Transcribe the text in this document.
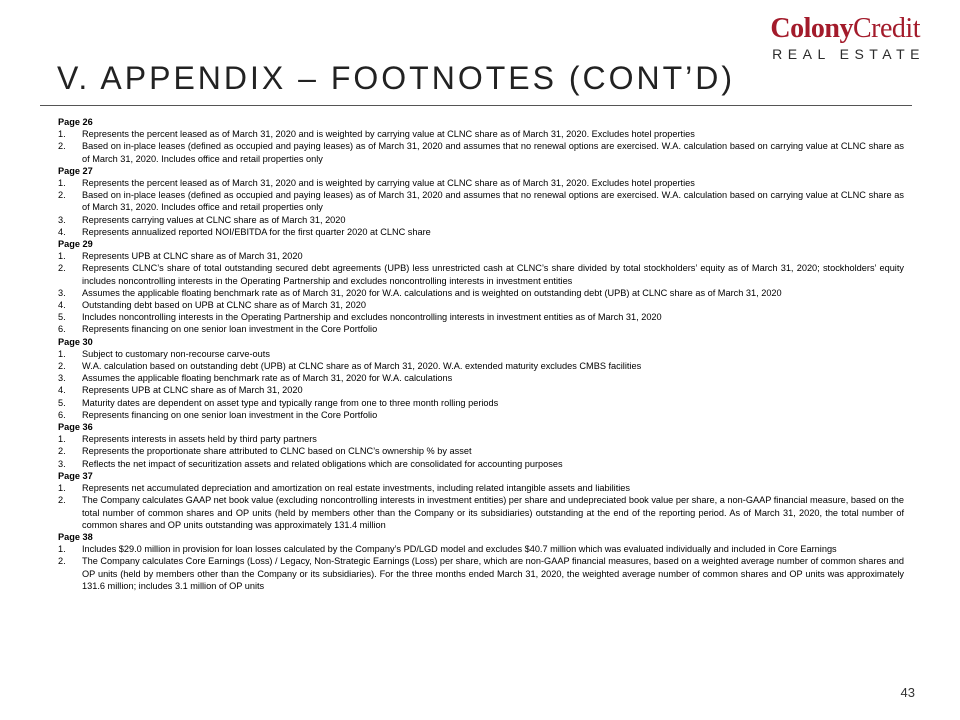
ColonyCredit
REAL ESTATE
V. APPENDIX – FOOTNOTES (CONT’D)
Page 26
1.	Represents the percent leased as of March 31, 2020 and is weighted by carrying value at CLNC share as of March 31, 2020. Excludes hotel properties
2.	Based on in-place leases (defined as occupied and paying leases) as of March 31, 2020 and assumes that no renewal options are exercised. W.A. calculation based on carrying value at CLNC share as of March 31, 2020. Includes office and retail properties only
Page 27
1.	Represents the percent leased as of March 31, 2020 and is weighted by carrying value at CLNC share as of March 31, 2020. Excludes hotel properties
2.	Based on in-place leases (defined as occupied and paying leases) as of March 31, 2020 and assumes that no renewal options are exercised. W.A. calculation based on carrying value at CLNC share as of March 31, 2020. Includes office and retail properties only
3.	Represents carrying values at CLNC share as of March 31, 2020
4.	Represents annualized reported NOI/EBITDA for the first quarter 2020 at CLNC share
Page 29
1.	Represents UPB at CLNC share as of March 31, 2020
2.	Represents CLNC’s share of total outstanding secured debt agreements (UPB) less unrestricted cash at CLNC’s share divided by total stockholders’ equity as of March 31, 2020; stockholders’ equity includes noncontrolling interests in the Operating Partnership and excludes noncontrolling interests in investment entities
3.	Assumes the applicable floating benchmark rate as of March 31, 2020 for W.A. calculations and is weighted on outstanding debt (UPB) at CLNC share as of March 31, 2020
4.	Outstanding debt based on UPB at CLNC share as of March 31, 2020
5.	Includes noncontrolling interests in the Operating Partnership and excludes noncontrolling interests in investment entities as of March 31, 2020
6.	Represents financing on one senior loan investment in the Core Portfolio
Page 30
1.	Subject to customary non-recourse carve-outs
2.	W.A. calculation based on outstanding debt (UPB) at CLNC share as of March 31, 2020. W.A. extended maturity excludes CMBS facilities
3.	Assumes the applicable floating benchmark rate as of March 31, 2020 for W.A. calculations
4.	Represents UPB at CLNC share as of March 31, 2020
5.	Maturity dates are dependent on asset type and typically range from one to three month rolling periods
6.	Represents financing on one senior loan investment in the Core Portfolio
Page 36
1.	Represents interests in assets held by third party partners
2.	Represents the proportionate share attributed to CLNC based on CLNC’s ownership % by asset
3.	Reflects the net impact of securitization assets and related obligations which are consolidated for accounting purposes
Page 37
1.	Represents net accumulated depreciation and amortization on real estate investments, including related intangible assets and liabilities
2.	The Company calculates GAAP net book value (excluding noncontrolling interests in investment entities) per share and undepreciated book value per share, a non-GAAP financial measure, based on the total number of common shares and OP units (held by members other than the Company or its subsidiaries) outstanding at the end of the reporting period. As of March 31, 2020, the total number of common shares and OP units outstanding was approximately 131.4 million
Page 38
1.	Includes $29.0 million in provision for loan losses calculated by the Company’s PD/LGD model and excludes $40.7 million which was evaluated individually and included in Core Earnings
2.	The Company calculates Core Earnings (Loss) / Legacy, Non-Strategic Earnings (Loss) per share, which are non-GAAP financial measures, based on a weighted average number of common shares and OP units (held by members other than the Company or its subsidiaries). For the three months ended March 31, 2020, the weighted average number of common shares and OP units was approximately 131.6 million; includes 3.1 million of OP units
43
